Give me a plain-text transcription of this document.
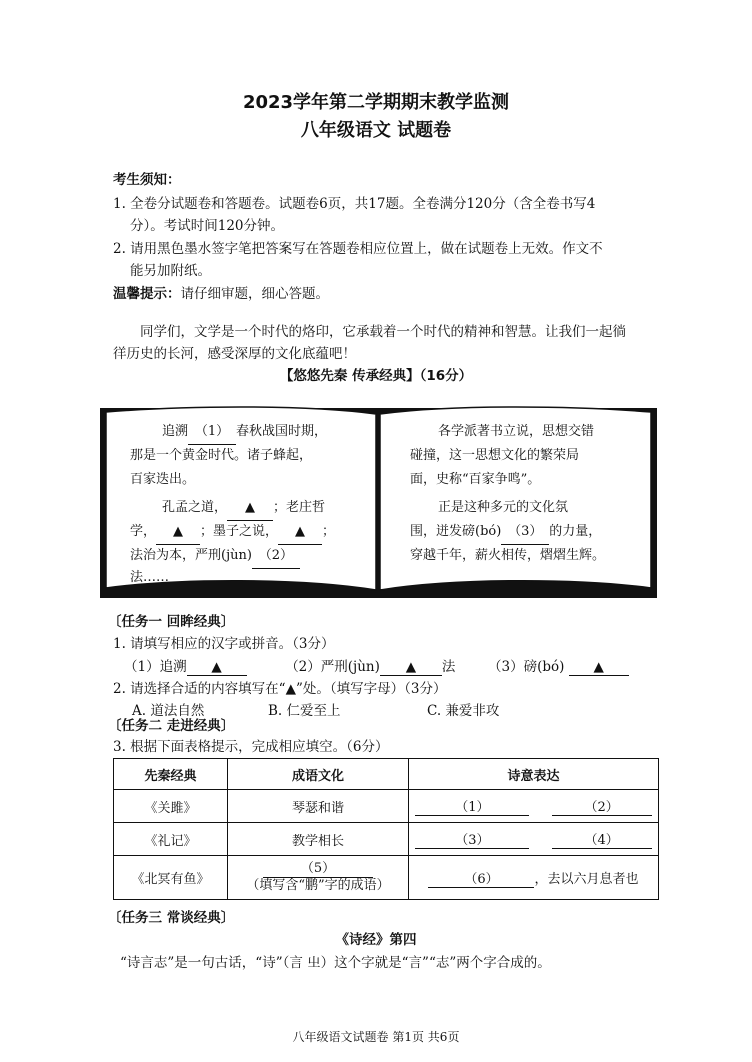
2023学年第二学期期末教学监测
八年级语文 试题卷
考生须知：
1. 全卷分试题卷和答题卷。试题卷6页，共17题。全卷满分120分（含全卷书写4
分）。考试时间120分钟。
2. 请用黑色墨水签字笔把答案写在答题卷相应位置上，做在试题卷上无效。作文不
能另加附纸。
温馨提示：请仔细审题，细心答题。
同学们，文学是一个时代的烙印，它承载着一个时代的精神和智慧。让我们一起徜
徉历史的长河，感受深厚的文化底蕴吧！
【悠悠先秦 传承经典】（16分）
追溯 （1） 春秋战国时期，
那是一个黄金时代。诸子蜂起，
百家迭出。
孔孟之道， ▲ ；老庄哲
学， ▲ ；墨子之说， ▲ ；
法治为本，严刑(jùn) （2）
法……
各学派著书立说，思想交错
碰撞，这一思想文化的繁荣局
面，史称“百家争鸣”。
正是这种多元的文化氛
围，迸发磅(bó) （3） 的力量，
穿越千年，薪火相传，熠熠生辉。
〔任务一 回眸经典〕
1. 请填写相应的汉字或拼音。（3分）
（1）追溯 ▲	（2）严刑(jùn) ▲ 法 （3）磅(bó) ▲
2. 请选择合适的内容填写在“▲”处。（填写字母）（3分）
A. 道法自然	B. 仁爱至上	C. 兼爱非攻
〔任务二 走进经典〕
3. 根据下面表格提示，完成相应填空。（6分）
先秦经典	成语文化	诗意表达
《关雎》	琴瑟和谐	（1） （2）
《礼记》	教学相长	（3） （4）
《北冥有鱼》	（5）
（填写含“鹏”字的成语）	（6） ，去以六月息者也
〔任务三 常谈经典〕
《诗经》第四
“诗言志”是一句古话，“诗”（言 㞢）这个字就是“言”“志”两个字合成的。
八年级语文试题卷 第1页 共6页
